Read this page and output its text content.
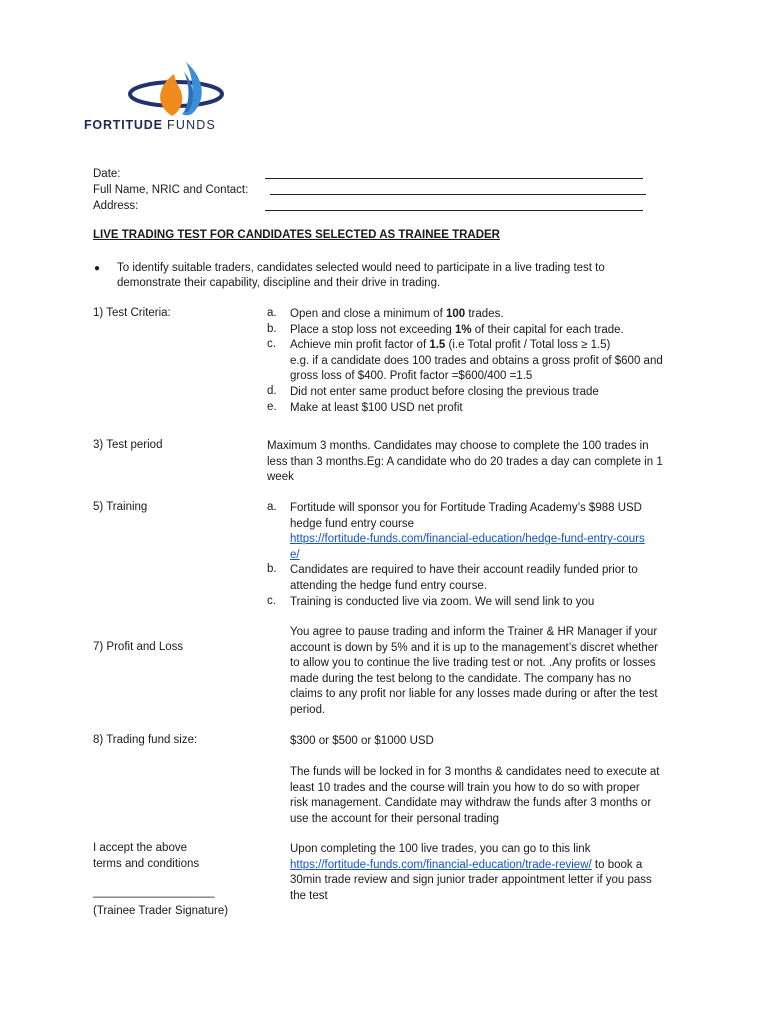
FORTITUDE FUNDS
Date:
Full Name, NRIC and Contact:
Address:
LIVE TRADING TEST FOR CANDIDATES SELECTED AS TRAINEE TRADER
● To identify suitable traders, candidates selected would need to participate in a live trading test to
demonstrate their capability, discipline and their drive in trading.
1) Test Criteria:	a.	Open and close a minimum of 100 trades.
b.	Place a stop loss not exceeding 1% of their capital for each trade.
c.	Achieve min profit factor of 1.5 (i.e Total profit / Total loss ≥ 1.5)
e.g. if a candidate does 100 trades and obtains a gross profit of $600 and
gross loss of $400. Profit factor =$600/400 =1.5
d.	Did not enter same product before closing the previous trade
e.	Make at least $100 USD net profit
3) Test period	Maximum 3 months. Candidates may choose to complete the 100 trades in
less than 3 months.Eg: A candidate who do 20 trades a day can complete in 1
week
5) Training	a.	Fortitude will sponsor you for Fortitude Trading Academy’s $988 USD
hedge fund entry course
https://fortitude-funds.com/financial-education/hedge-fund-entry-cours
e/
b.	Candidates are required to have their account readily funded prior to
attending the hedge fund entry course.
c.	Training is conducted live via zoom. We will send link to you
7) Profit and Loss
You agree to pause trading and inform the Trainer & HR Manager if your
account is down by 5% and it is up to the management’s discret whether
to allow you to continue the live trading test or not. .Any profits or losses
made during the test belong to the candidate. The company has no
claims to any profit nor liable for any losses made during or after the test
period.
8) Trading fund size:	$300 or $500 or $1000 USD
The funds will be locked in for 3 months & candidates need to execute at
least 10 trades and the course will train you how to do so with proper
risk management. Candidate may withdraw the funds after 3 months or
use the account for their personal trading
I accept the above
terms and conditions
___________________
(Trainee Trader Signature)
Upon completing the 100 live trades, you can go to this link
https://fortitude-funds.com/financial-education/trade-review/ to book a
30min trade review and sign junior trader appointment letter if you pass
the test
